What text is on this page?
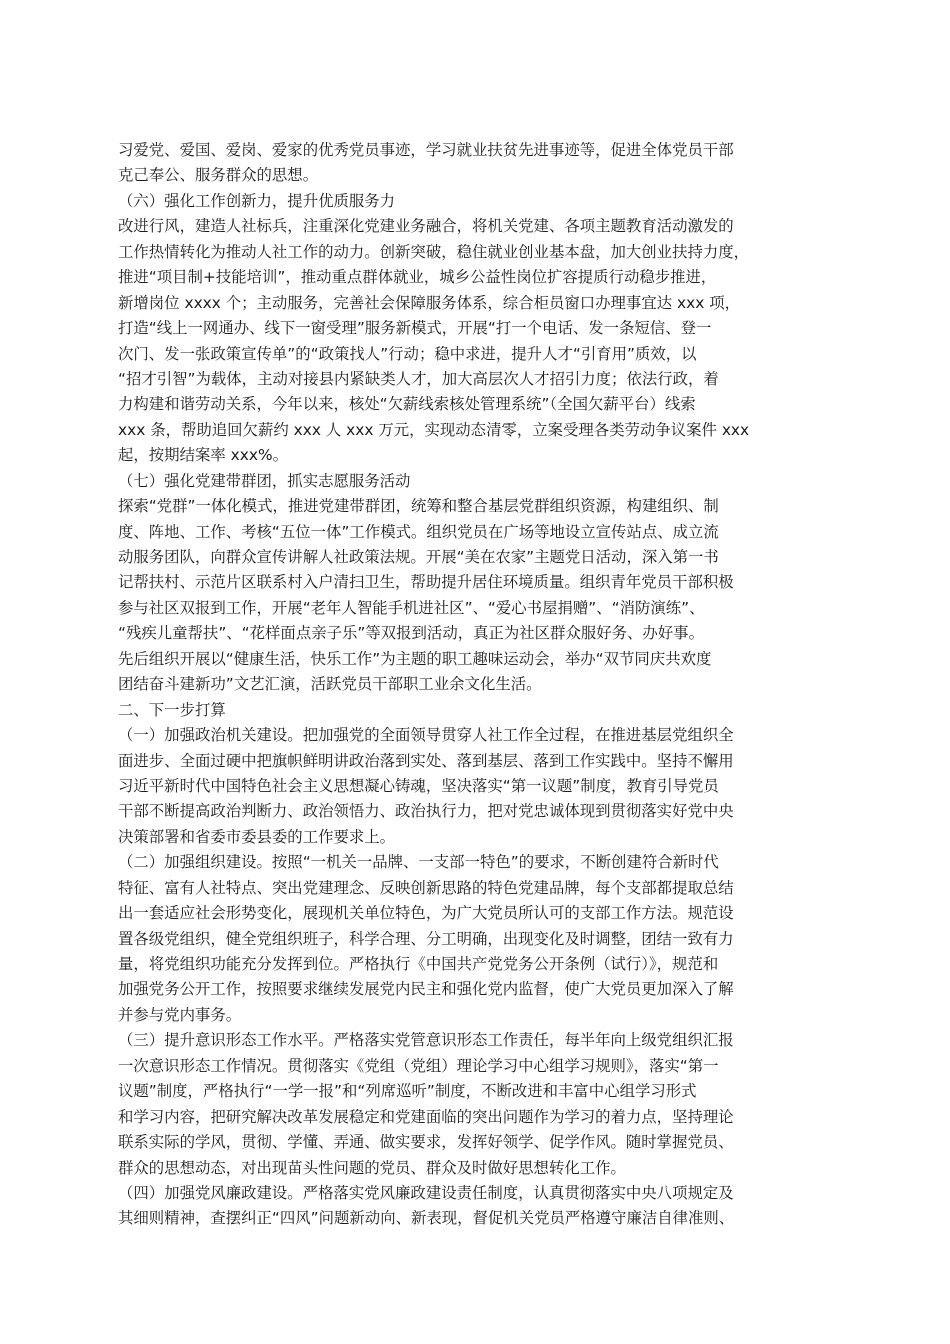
习爱党、爱国、爱岗、爱家的优秀党员事迹，学习就业扶贫先进事迹等，促进全体党员干部
克己奉公、服务群众的思想。
（六）强化工作创新力，提升优质服务力
改进行风，建造人社标兵，注重深化党建业务融合，将机关党建、各项主题教育活动激发的
工作热情转化为推动人社工作的动力。创新突破，稳住就业创业基本盘，加大创业扶持力度，
推进“项目制+技能培训”，推动重点群体就业，城乡公益性岗位扩容提质行动稳步推进，
新增岗位 xxxx 个；主动服务，完善社会保障服务体系，综合柜员窗口办理事宜达 xxx 项，
打造“线上一网通办、线下一窗受理”服务新模式，开展“打一个电话、发一条短信、登一
次门、发一张政策宣传单”的“政策找人”行动；稳中求进，提升人才“引育用”质效，以
“招才引智”为载体，主动对接县内紧缺类人才，加大高层次人才招引力度；依法行政，着
力构建和谐劳动关系，今年以来，核处“欠薪线索核处管理系统”（全国欠薪平台）线索
xxx 条，帮助追回欠薪约 xxx 人 xxx 万元，实现动态清零，立案受理各类劳动争议案件 xxx
起，按期结案率 xxx%。
（七）强化党建带群团，抓实志愿服务活动
探索“党群”一体化模式，推进党建带群团，统筹和整合基层党群组织资源，构建组织、制
度、阵地、工作、考核“五位一体”工作模式。组织党员在广场等地设立宣传站点、成立流
动服务团队，向群众宣传讲解人社政策法规。开展“美在农家”主题党日活动，深入第一书
记帮扶村、示范片区联系村入户清扫卫生，帮助提升居住环境质量。组织青年党员干部积极
参与社区双报到工作，开展“老年人智能手机进社区”、“爱心书屋捐赠”、“消防演练”、
“残疾儿童帮扶”、“花样面点亲子乐”等双报到活动，真正为社区群众服好务、办好事。
先后组织开展以“健康生活，快乐工作”为主题的职工趣味运动会，举办“双节同庆共欢度
团结奋斗建新功”文艺汇演，活跃党员干部职工业余文化生活。
二、下一步打算
（一）加强政治机关建设。把加强党的全面领导贯穿人社工作全过程，在推进基层党组织全
面进步、全面过硬中把旗帜鲜明讲政治落到实处、落到基层、落到工作实践中。坚持不懈用
习近平新时代中国特色社会主义思想凝心铸魂，坚决落实“第一议题”制度，教育引导党员
干部不断提高政治判断力、政治领悟力、政治执行力，把对党忠诚体现到贯彻落实好党中央
决策部署和省委市委县委的工作要求上。
（二）加强组织建设。按照“一机关一品牌、一支部一特色”的要求，不断创建符合新时代
特征、富有人社特点、突出党建理念、反映创新思路的特色党建品牌，每个支部都提取总结
出一套适应社会形势变化，展现机关单位特色，为广大党员所认可的支部工作方法。规范设
置各级党组织，健全党组织班子，科学合理、分工明确，出现变化及时调整，团结一致有力
量，将党组织功能充分发挥到位。严格执行《中国共产党党务公开条例（试行）》，规范和
加强党务公开工作，按照要求继续发展党内民主和强化党内监督，使广大党员更加深入了解
并参与党内事务。
（三）提升意识形态工作水平。严格落实党管意识形态工作责任，每半年向上级党组织汇报
一次意识形态工作情况。贯彻落实《党组（党组）理论学习中心组学习规则》，落实“第一
议题”制度，严格执行“一学一报”和“列席巡听”制度，不断改进和丰富中心组学习形式
和学习内容，把研究解决改革发展稳定和党建面临的突出问题作为学习的着力点，坚持理论
联系实际的学风，贯彻、学懂、弄通、做实要求，发挥好领学、促学作风。随时掌握党员、
群众的思想动态，对出现苗头性问题的党员、群众及时做好思想转化工作。
（四）加强党风廉政建设。严格落实党风廉政建设责任制度，认真贯彻落实中央八项规定及
其细则精神，查摆纠正“四风”问题新动向、新表现，督促机关党员严格遵守廉洁自律准则、
